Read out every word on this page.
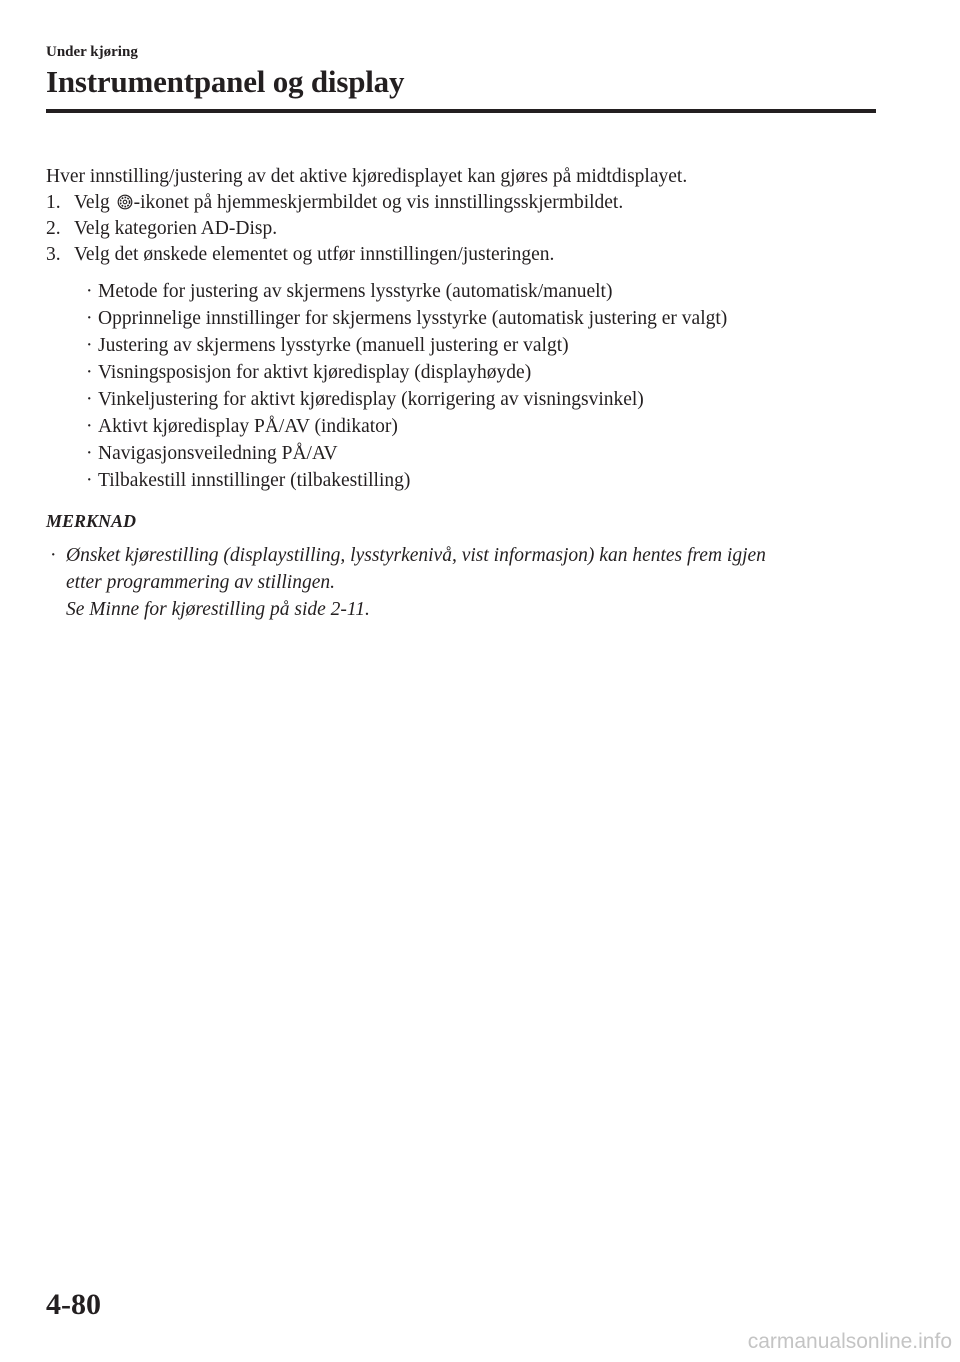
Under kjøring
Instrumentpanel og display

Hver innstilling/justering av det aktive kjøredisplayet kan gjøres på midtdisplayet.

1. Velg -ikonet på hjemmeskjermbildet og vis innstillingsskjermbildet.
2. Velg kategorien AD-Disp.
3. Velg det ønskede elementet og utfør innstillingen/justeringen.
· Metode for justering av skjermens lysstyrke (automatisk/manuelt)
· Opprinnelige innstillinger for skjermens lysstyrke (automatisk justering er valgt)
· Justering av skjermens lysstyrke (manuell justering er valgt)
· Visningsposisjon for aktivt kjøredisplay (displayhøyde)
· Vinkeljustering for aktivt kjøredisplay (korrigering av visningsvinkel)
· Aktivt kjøredisplay PÅ/AV (indikator)
· Navigasjonsveiledning PÅ/AV
· Tilbakestill innstillinger (tilbakestilling)

MERKNAD

· Ønsket kjørestilling (displaystilling, lysstyrkenivå, vist informasjon) kan hentes frem igjen
etter programmering av stillingen.
Se Minne for kjørestilling på side 2-11.
4-80
carmanualsonline.info
